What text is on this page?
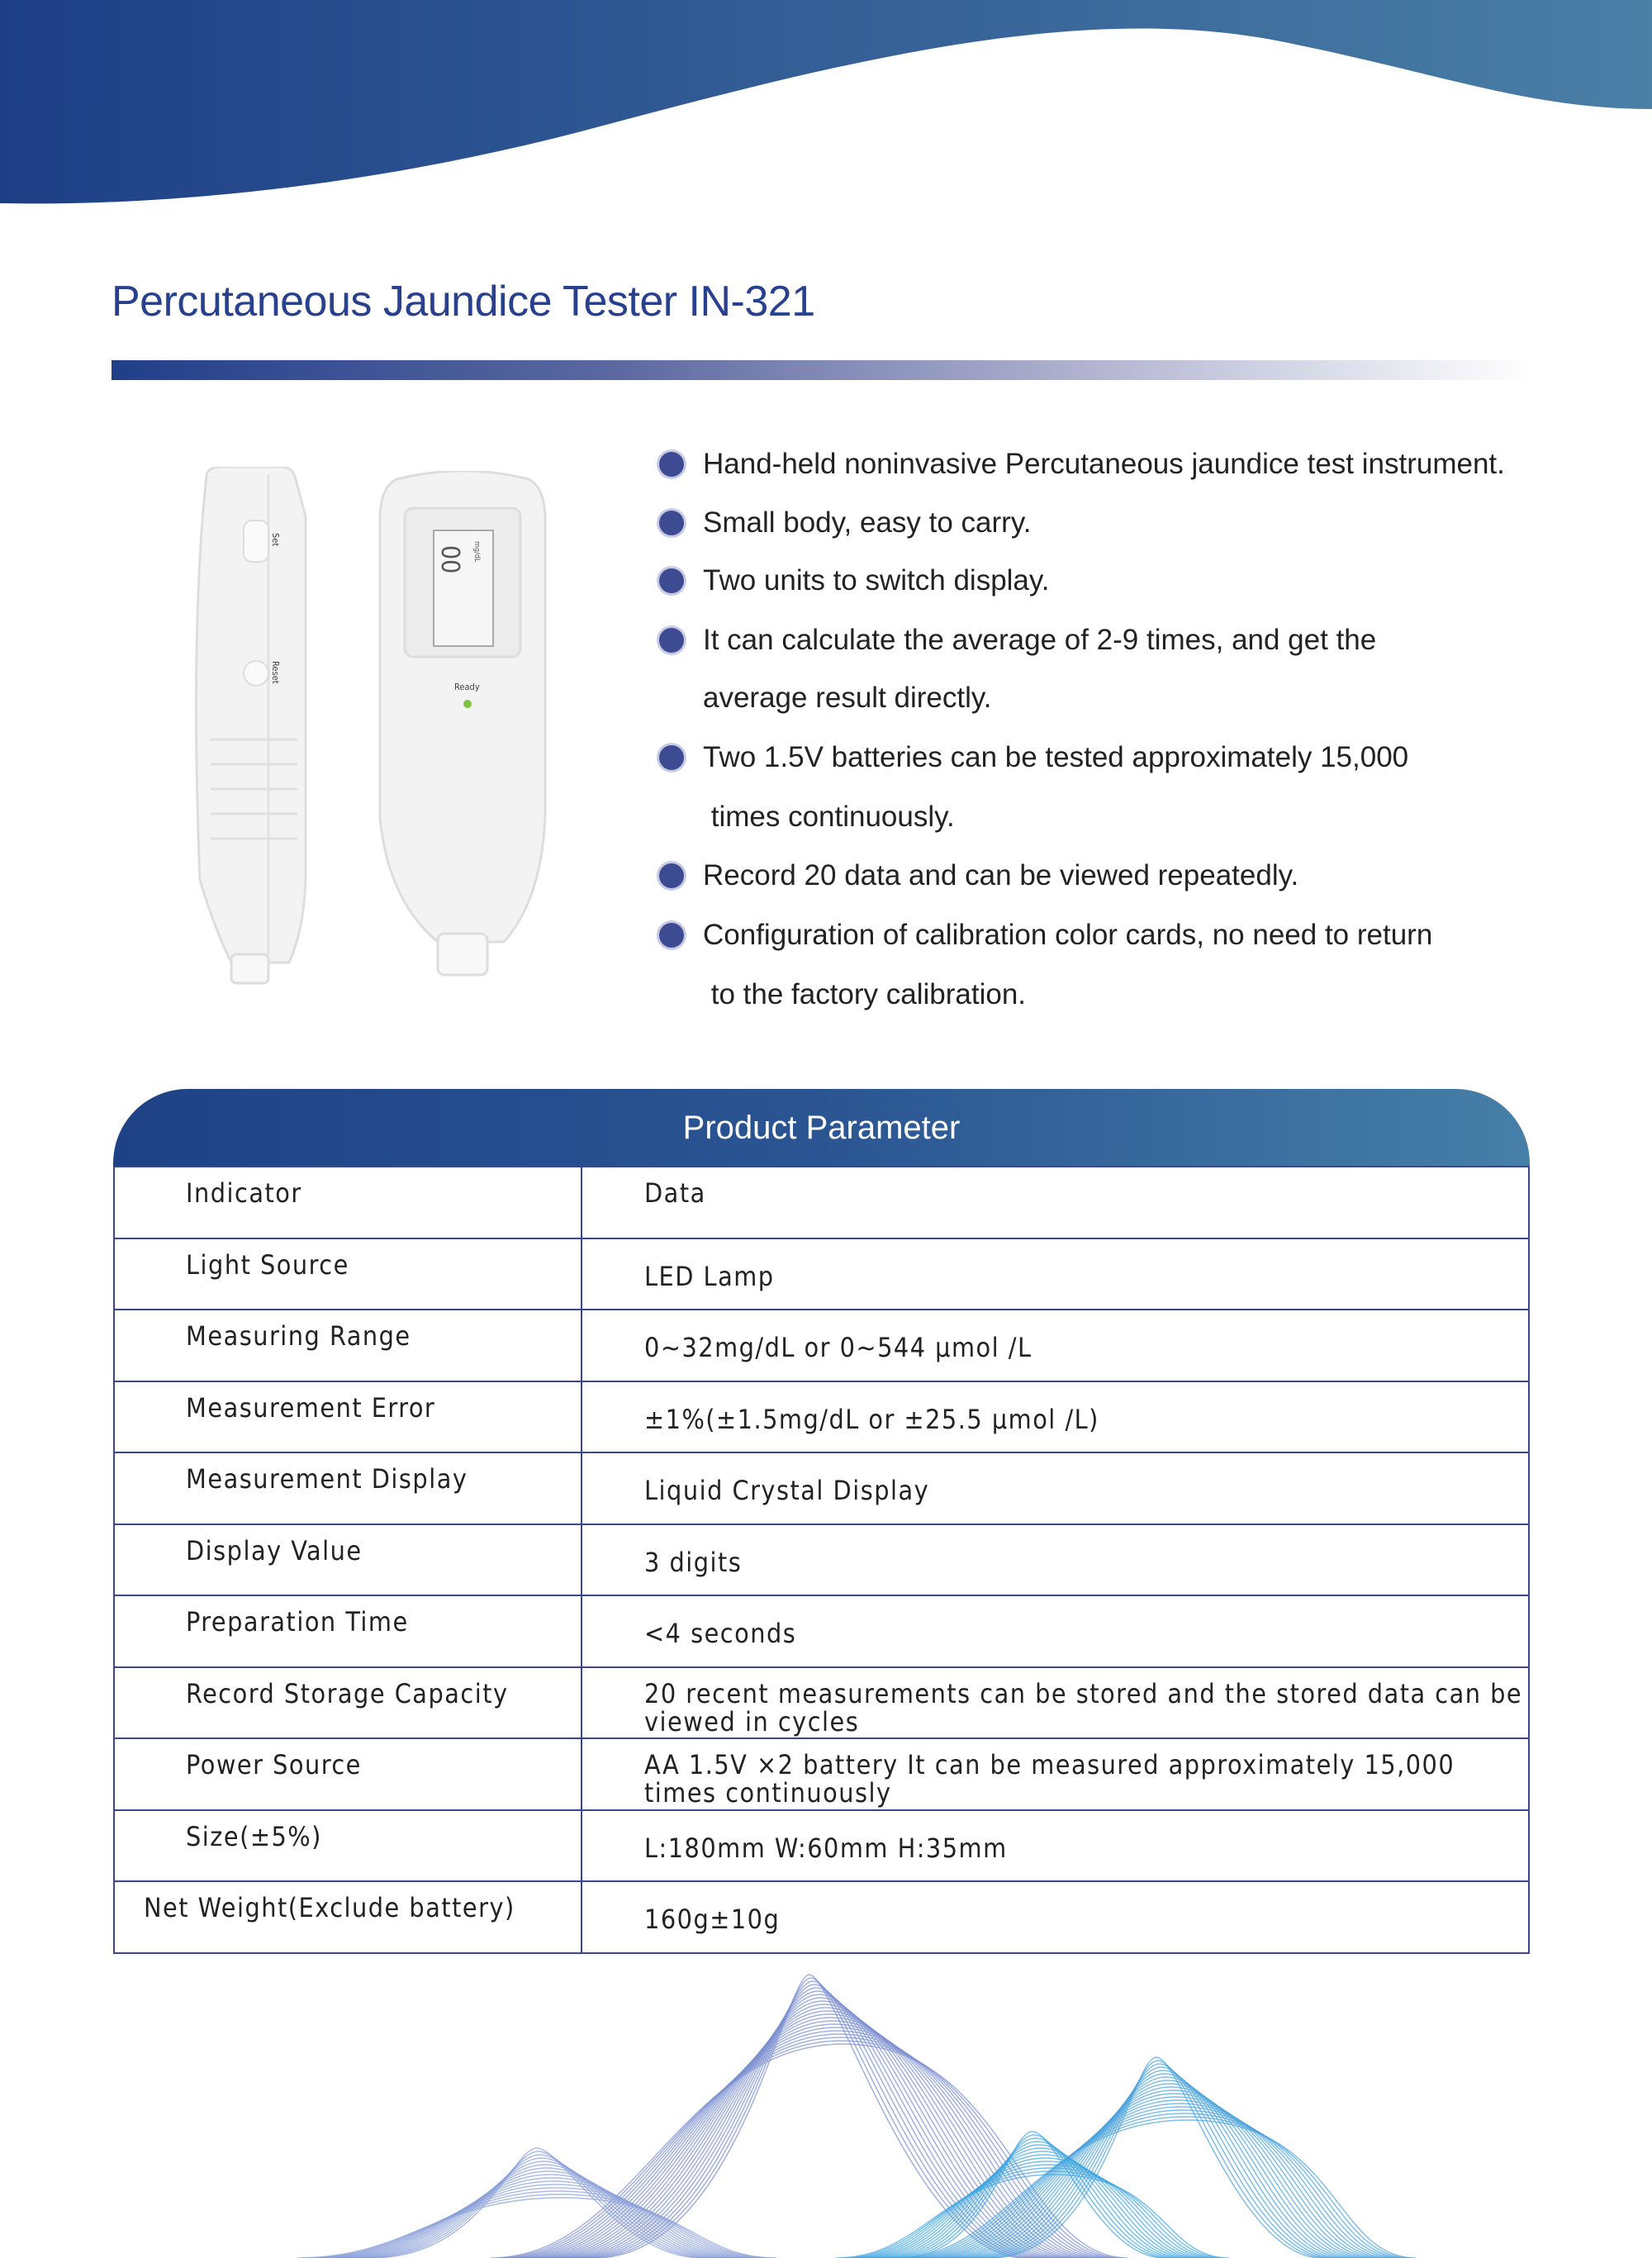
Percutaneous Jaundice Tester IN-321
Set
Reset
00 mg/dL
Ready
Hand-held noninvasive Percutaneous jaundice test instrument.
Small body, easy to carry.
Two units to switch display.
It can calculate the average of 2-9 times, and get the
average result directly.
Two 1.5V batteries can be tested approximately 15,000
times continuously.
Record 20 data and can be viewed repeatedly.
Configuration of calibration color cards, no need to return
to the factory calibration.
Product Parameter
Indicator	Data
Light Source	LED Lamp
Measuring Range	0~32mg/dL or 0~544 μmol /L
Measurement Error	±1%(±1.5mg/dL or ±25.5 μmol /L)
Measurement Display	Liquid Crystal Display
Display Value	3 digits
Preparation Time	<4 seconds
Record Storage Capacity	20 recent measurements can be stored and the stored data can be viewed in cycles
Power Source	AA 1.5V ×2 battery It can be measured approximately 15,000 times continuously
Size(±5%)	L:180mm W:60mm H:35mm
Net Weight(Exclude battery)	160g±10g
